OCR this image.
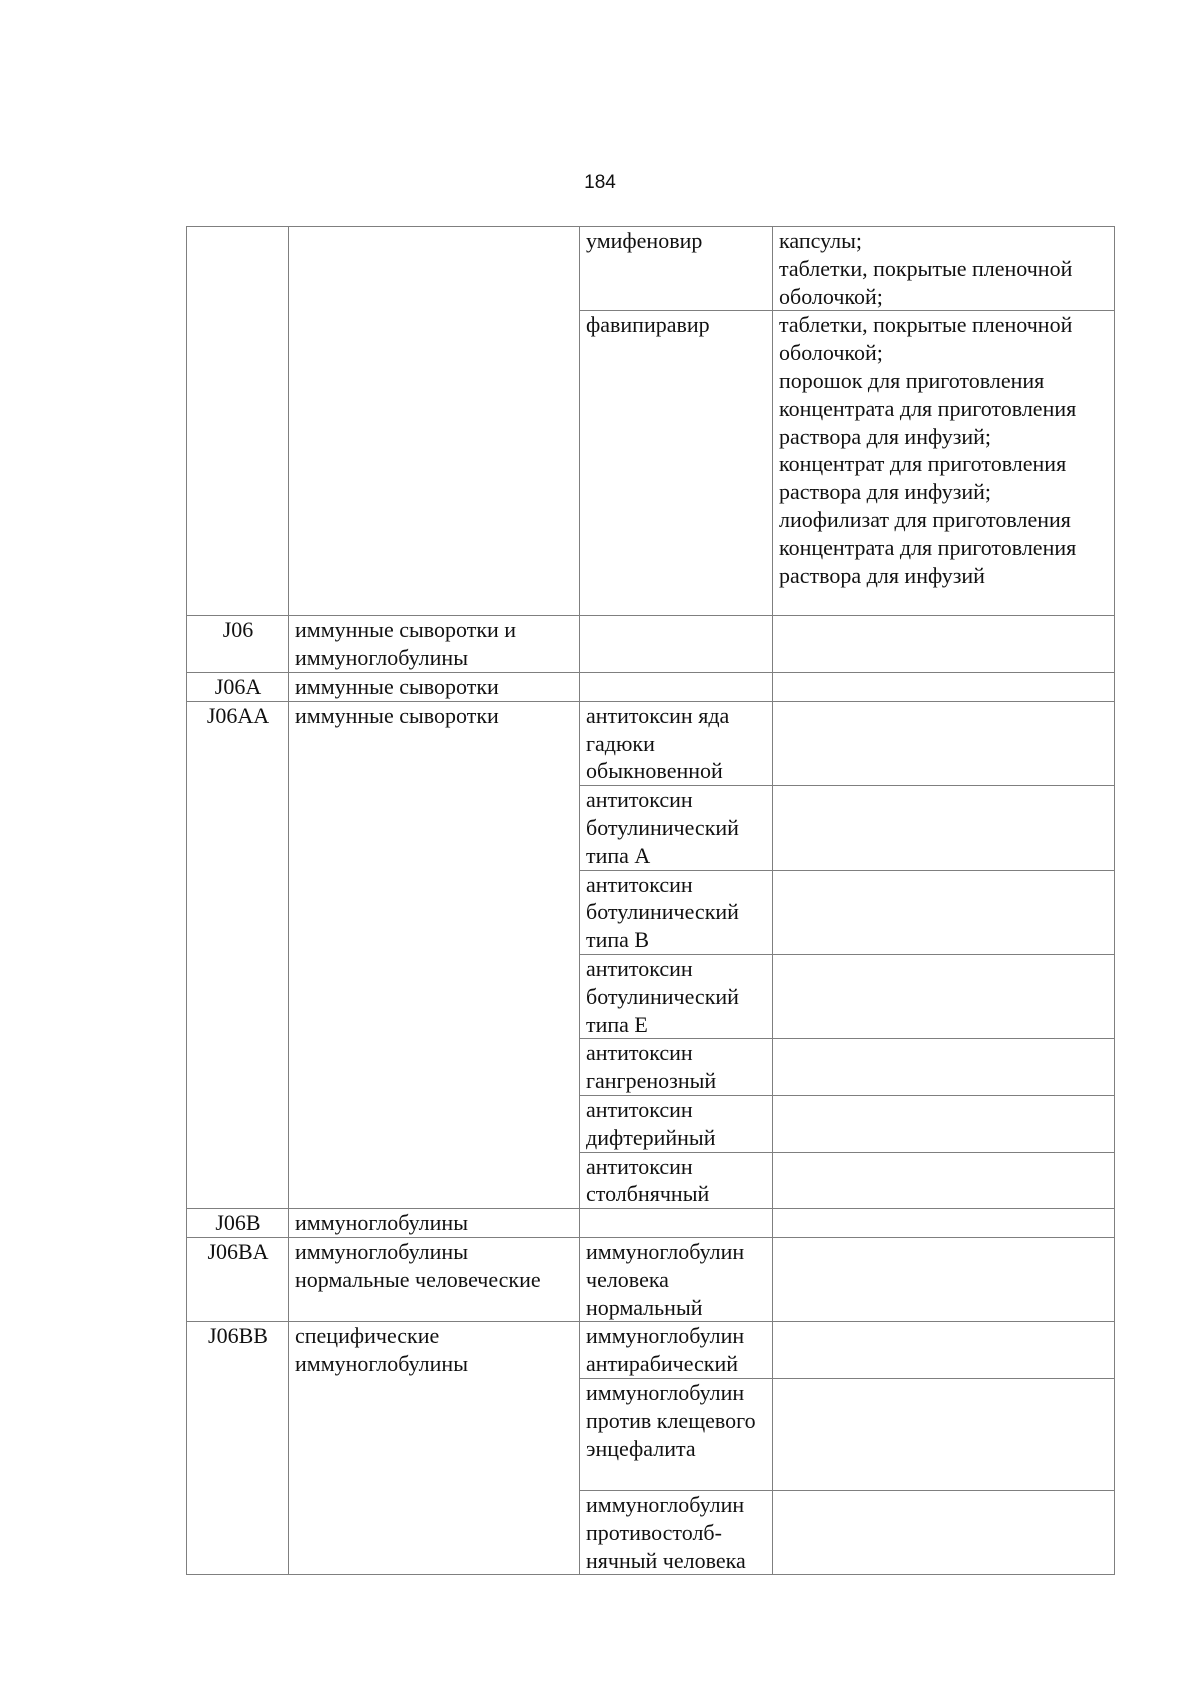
184
		умифеновир	капсулы;
таблетки, покрытые пленочной оболочкой;
		фавипиравир	таблетки, покрытые пленочной оболочкой;
порошок для приготовления концентрата для приготовления раствора для инфузий;
концентрат для приготовления раствора для инфузий;
лиофилизат для приготовления концентрата для приготовления раствора для инфузий
J06	иммунные сыворотки и иммуноглобулины		
J06A	иммунные сыворотки		
J06AA	иммунные сыворотки	антитоксин яда гадюки обыкновенной	
		антитоксин ботулинический типа A	
		антитоксин ботулинический типа B	
		антитоксин ботулинический типа E	
		антитоксин гангренозный	
		антитоксин дифтерийный	
		антитоксин столбнячный	
J06B	иммуноглобулины		
J06BA	иммуноглобулины нормальные человеческие	иммуноглобулин человека нормальный	
J06BB	специфические иммуноглобулины	иммуноглобулин антирабический	
		иммуноглобулин против клещевого энцефалита	
		иммуноглобулин противостолб-
нячный человека	
